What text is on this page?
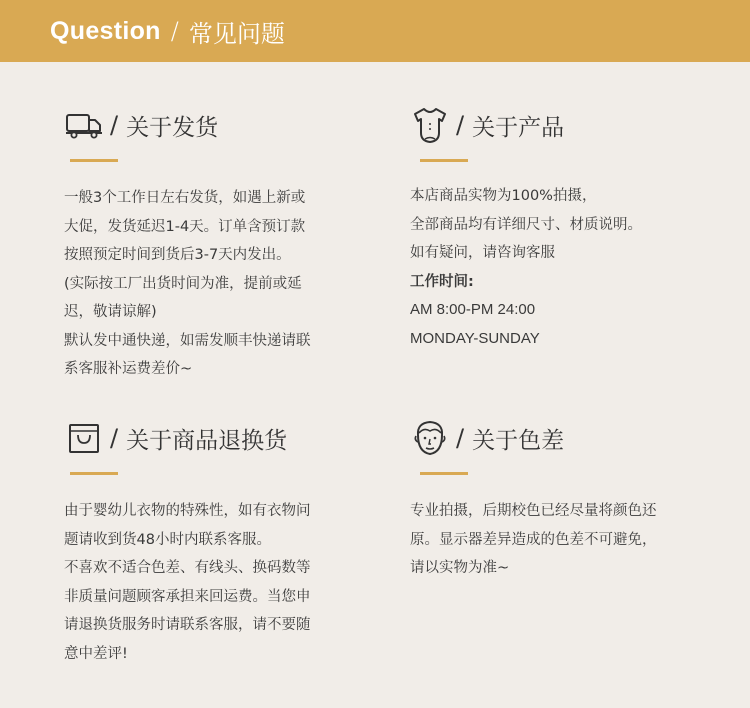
Question / 常见问题
/ 关于发货
一般3个工作日左右发货，如遇上新或
大促，发货延迟1-4天。订单含预订款
按照预定时间到货后3-7天内发出。
(实际按工厂出货时间为准，提前或延
迟，敬请谅解)
默认发中通快递，如需发顺丰快递请联
系客服补运费差价~
/ 关于产品
本店商品实物为100%拍摄，
全部商品均有详细尺寸、材质说明。
如有疑问，请咨询客服
工作时间:
AM 8:00-PM 24:00
MONDAY-SUNDAY
/ 关于商品退换货
由于婴幼儿衣物的特殊性，如有衣物问
题请收到货48小时内联系客服。
不喜欢不适合色差、有线头、换码数等
非质量问题顾客承担来回运费。当您申
请退换货服务时请联系客服，请不要随
意中差评!
/ 关于色差
专业拍摄，后期校色已经尽量将颜色还
原。显示器差异造成的色差不可避免，
请以实物为准~
